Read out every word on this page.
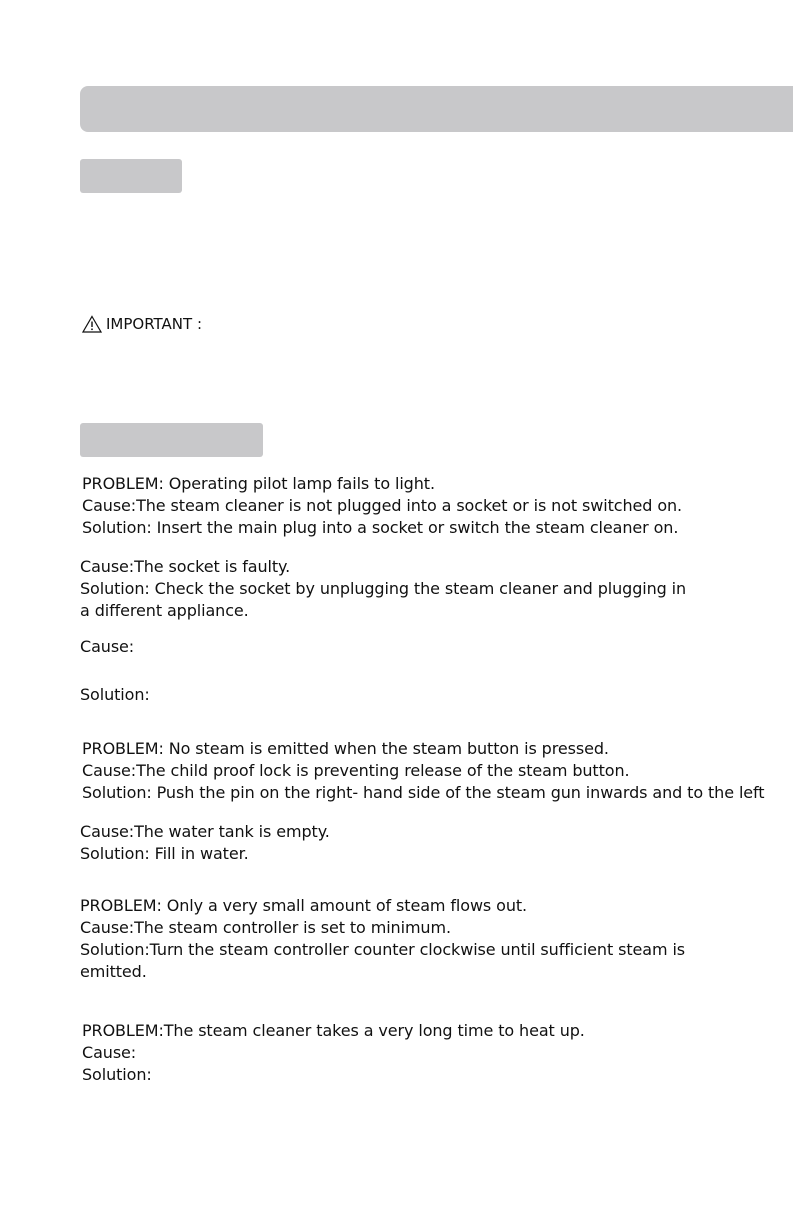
IMPORTANT :
PROBLEM: Operating pilot lamp fails to light.
Cause:The steam cleaner is not plugged into a socket or is not switched on.
Solution: Insert the main plug into a socket or switch the steam cleaner on.
Cause:The socket is faulty.
Solution: Check the socket by unplugging the steam cleaner and plugging in
a different appliance.
Cause:
Solution:
PROBLEM: No steam is emitted when the steam button is pressed.
Cause:The child proof lock is preventing release of the steam button.
Solution: Push the pin on the right- hand side of the steam gun inwards and to the left
Cause:The water tank is empty.
Solution: Fill in water.
PROBLEM: Only a very small amount of steam flows out.
Cause:The steam controller is set to minimum.
Solution:Turn the steam controller counter clockwise until sufficient steam is
emitted.
PROBLEM:The steam cleaner takes a very long time to heat up.
Cause:
Solution:
